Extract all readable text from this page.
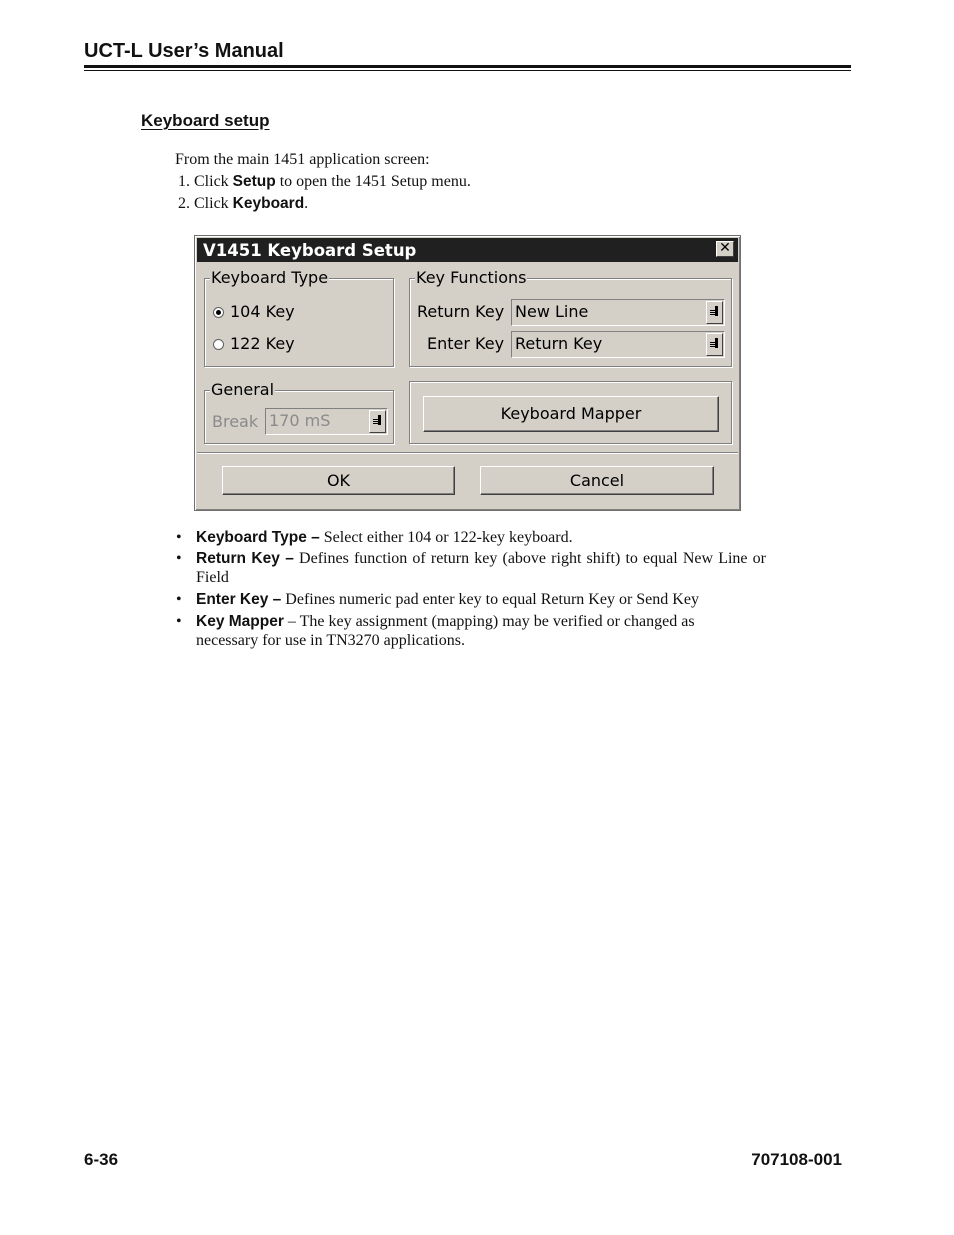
UCT-L User’s Manual
Keyboard setup
From the main 1451 application screen:
1. Click Setup to open the 1451 Setup menu.
2. Click Keyboard.
V1451 Keyboard Setup	✕
Keyboard Type
104 Key
122 Key
Key Functions
Return Key New Line
Enter Key Return Key
General
Break 170 mS	Keyboard Mapper
OK	Cancel
• Keyboard Type – Select either 104 or 122-key keyboard.
• Return Key – Defines function of return key (above right shift) to equal New Line or Field
• Enter Key – Defines numeric pad enter key to equal Return Key or Send Key
• Key Mapper – The key assignment (mapping) may be verified or changed as necessary for use in TN3270 applications.
6-36	707108-001
